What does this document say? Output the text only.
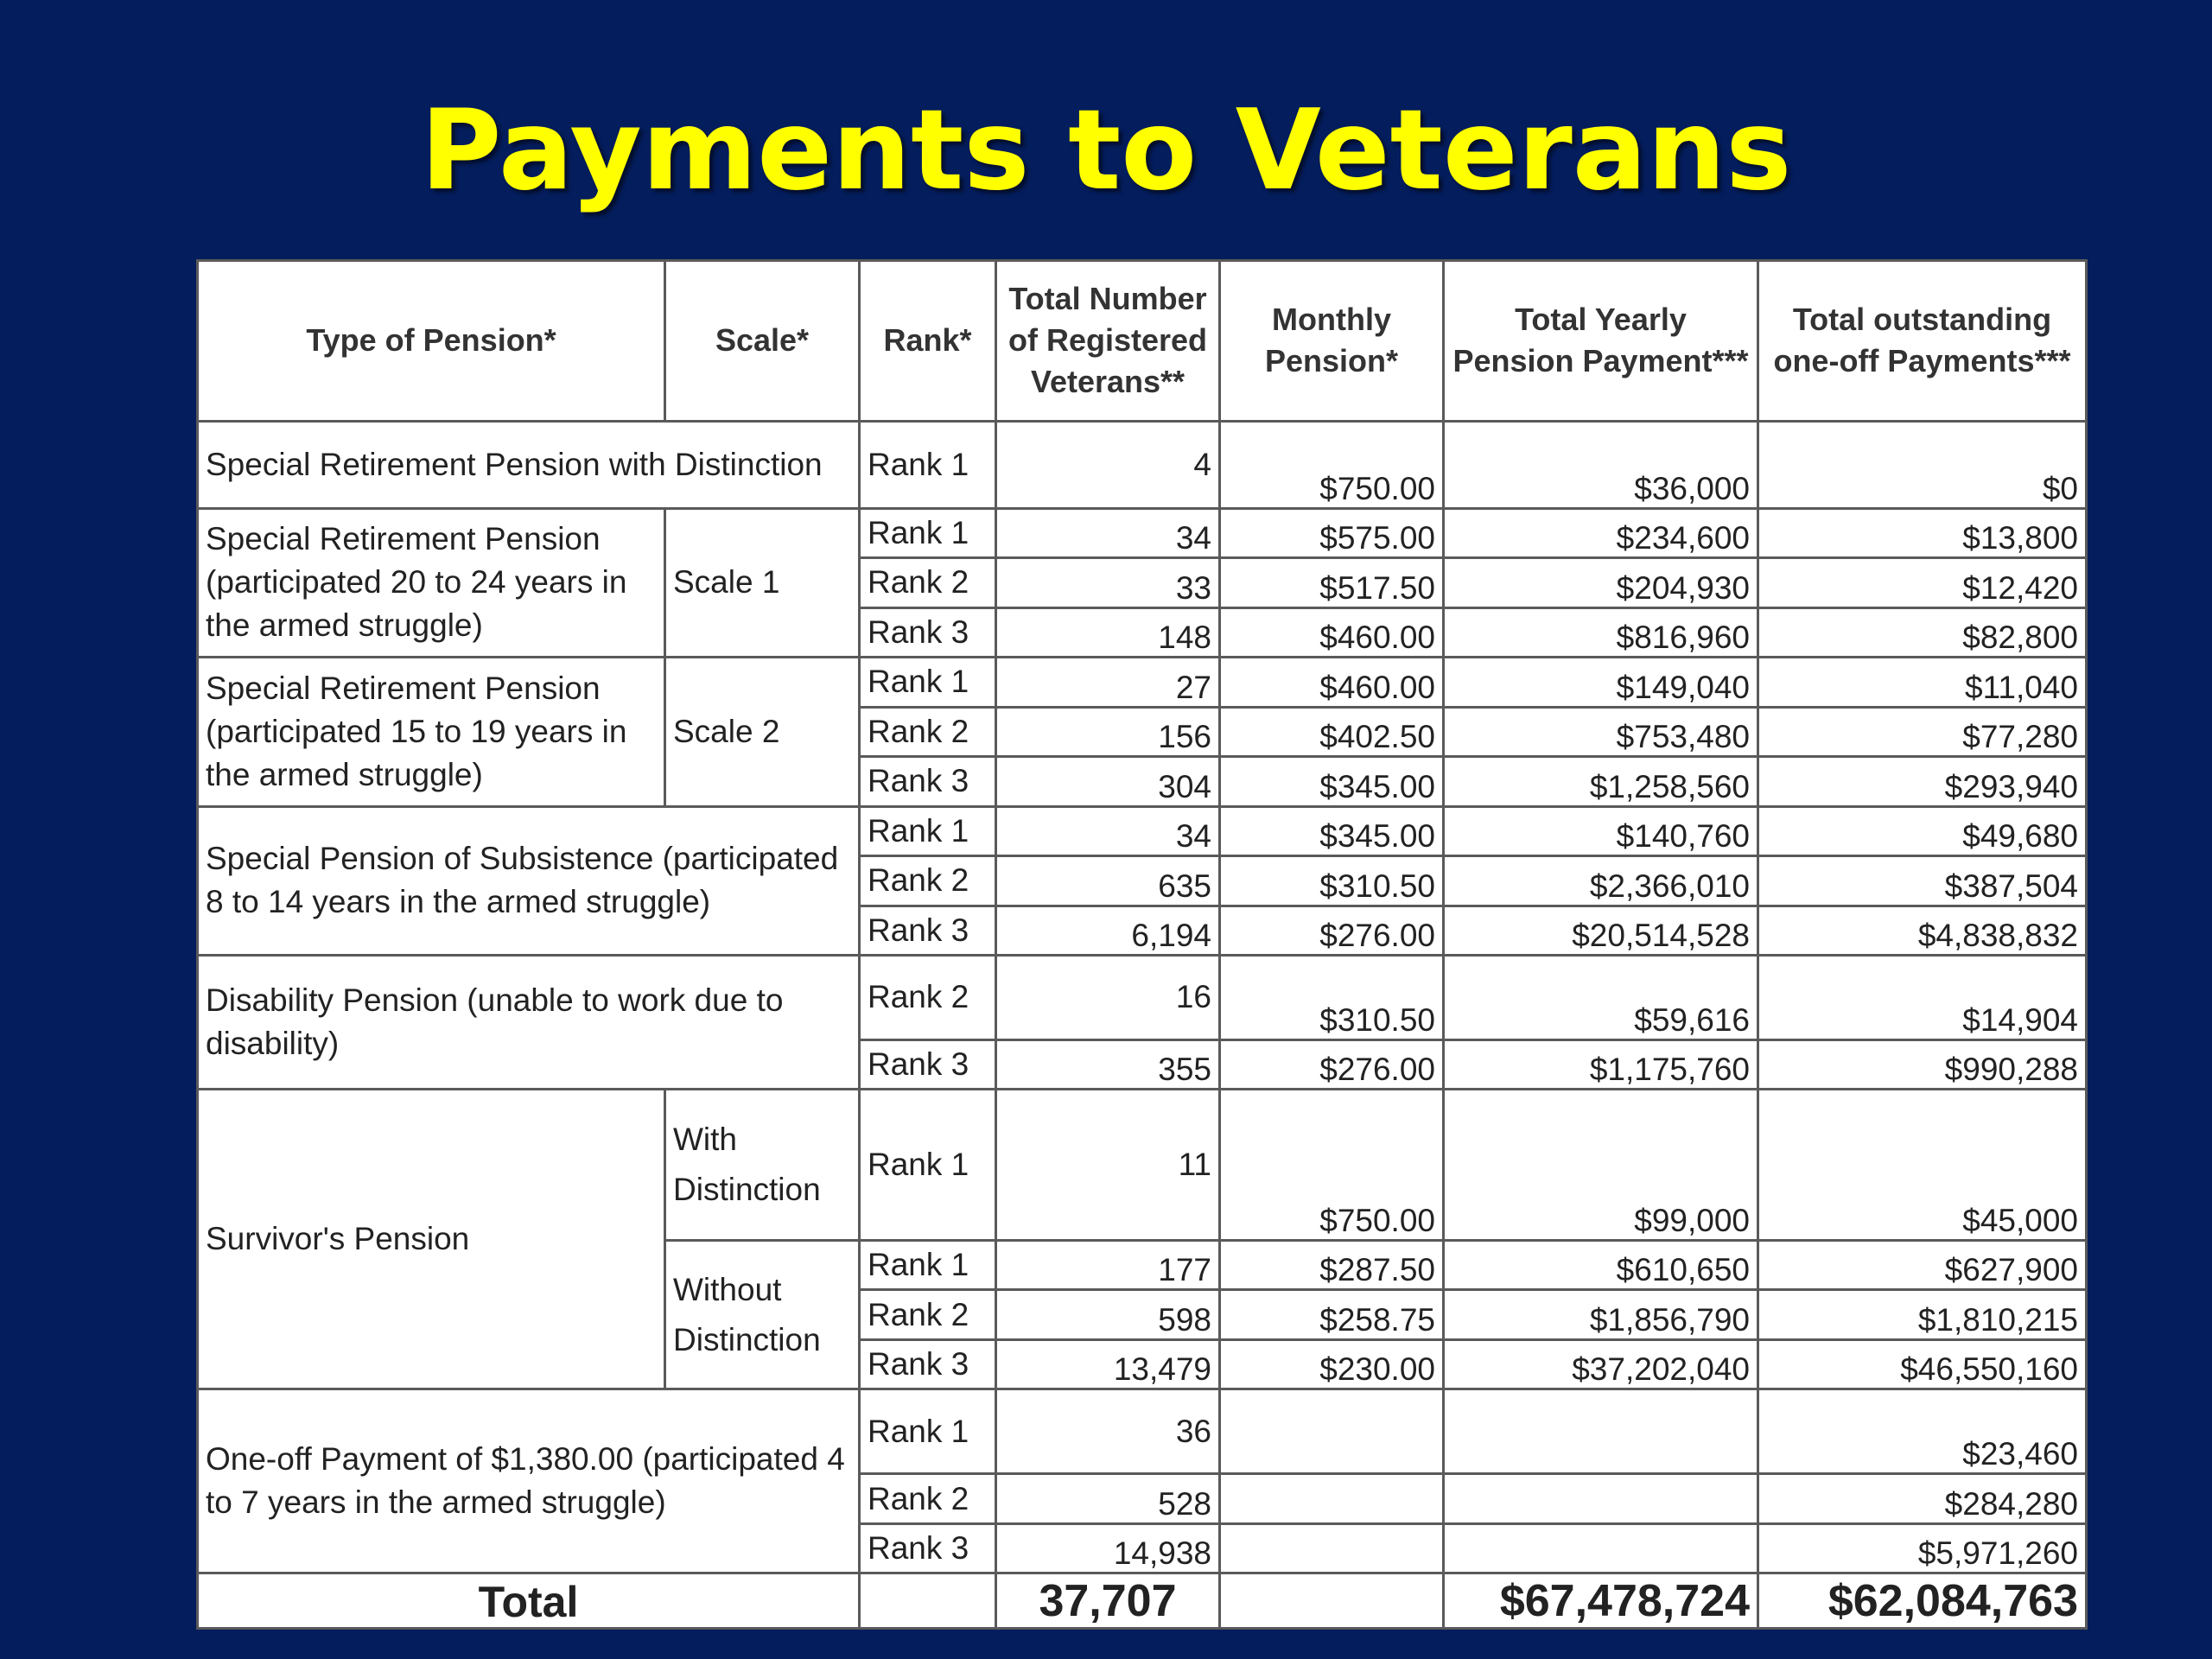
Payments to Veterans
Type of Pension*	Scale*	Rank*	Total Number of Registered Veterans**	Monthly Pension*	Total Yearly Pension Payment***	Total outstanding one-off Payments***
Special Retirement Pension with Distinction		Rank 1	4	$750.00	$36,000	$0
Special Retirement Pension (participated 20 to 24 years in the armed struggle)	Scale 1	Rank 1	34	$575.00	$234,600	$13,800
		Rank 2	33	$517.50	$204,930	$12,420
		Rank 3	148	$460.00	$816,960	$82,800
Special Retirement Pension (participated 15 to 19 years in the armed struggle)	Scale 2	Rank 1	27	$460.00	$149,040	$11,040
		Rank 2	156	$402.50	$753,480	$77,280
		Rank 3	304	$345.00	$1,258,560	$293,940
Special Pension of Subsistence (participated 8 to 14 years in the armed struggle)		Rank 1	34	$345.00	$140,760	$49,680
		Rank 2	635	$310.50	$2,366,010	$387,504
		Rank 3	6,194	$276.00	$20,514,528	$4,838,832
Disability Pension (unable to work due to disability)		Rank 2	16	$310.50	$59,616	$14,904
		Rank 3	355	$276.00	$1,175,760	$990,288
Survivor's Pension	With Distinction	Rank 1	11	$750.00	$99,000	$45,000
	Without Distinction	Rank 1	177	$287.50	$610,650	$627,900
		Rank 2	598	$258.75	$1,856,790	$1,810,215
		Rank 3	13,479	$230.00	$37,202,040	$46,550,160
One-off Payment of $1,380.00 (participated 4 to 7 years in the armed struggle)		Rank 1	36			$23,460
		Rank 2	528			$284,280
		Rank 3	14,938			$5,971,260
Total			37,707		$67,478,724	$62,084,763
